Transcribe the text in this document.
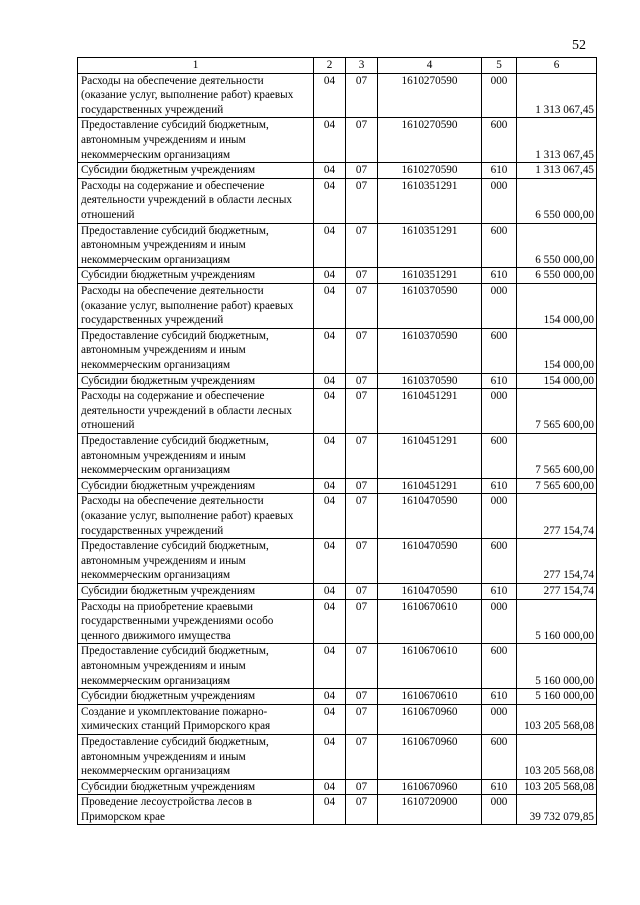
52
1	2	3	4	5	6
Расходы на обеспечение деятельности (оказание услуг, выполнение работ) краевых государственных учреждений	04	07	1610270590	000	1 313 067,45
Предоставление субсидий бюджетным, автономным учреждениям и иным некоммерческим организациям	04	07	1610270590	600	1 313 067,45
Субсидии бюджетным учреждениям	04	07	1610270590	610	1 313 067,45
Расходы на содержание и обеспечение деятельности учреждений в области лесных отношений	04	07	1610351291	000	6 550 000,00
Предоставление субсидий бюджетным, автономным учреждениям и иным некоммерческим организациям	04	07	1610351291	600	6 550 000,00
Субсидии бюджетным учреждениям	04	07	1610351291	610	6 550 000,00
Расходы на обеспечение деятельности (оказание услуг, выполнение работ) краевых государственных учреждений	04	07	1610370590	000	154 000,00
Предоставление субсидий бюджетным, автономным учреждениям и иным некоммерческим организациям	04	07	1610370590	600	154 000,00
Субсидии бюджетным учреждениям	04	07	1610370590	610	154 000,00
Расходы на содержание и обеспечение деятельности учреждений в области лесных отношений	04	07	1610451291	000	7 565 600,00
Предоставление субсидий бюджетным, автономным учреждениям и иным некоммерческим организациям	04	07	1610451291	600	7 565 600,00
Субсидии бюджетным учреждениям	04	07	1610451291	610	7 565 600,00
Расходы на обеспечение деятельности (оказание услуг, выполнение работ) краевых государственных учреждений	04	07	1610470590	000	277 154,74
Предоставление субсидий бюджетным, автономным учреждениям и иным некоммерческим организациям	04	07	1610470590	600	277 154,74
Субсидии бюджетным учреждениям	04	07	1610470590	610	277 154,74
Расходы на приобретение краевыми государственными учреждениями особо ценного движимого имущества	04	07	1610670610	000	5 160 000,00
Предоставление субсидий бюджетным, автономным учреждениям и иным некоммерческим организациям	04	07	1610670610	600	5 160 000,00
Субсидии бюджетным учреждениям	04	07	1610670610	610	5 160 000,00
Создание и укомплектование пожарно-химических станций Приморского края	04	07	1610670960	000	103 205 568,08
Предоставление субсидий бюджетным, автономным учреждениям и иным некоммерческим организациям	04	07	1610670960	600	103 205 568,08
Субсидии бюджетным учреждениям	04	07	1610670960	610	103 205 568,08
Проведение лесоустройства лесов в Приморском крае	04	07	1610720900	000	39 732 079,85
